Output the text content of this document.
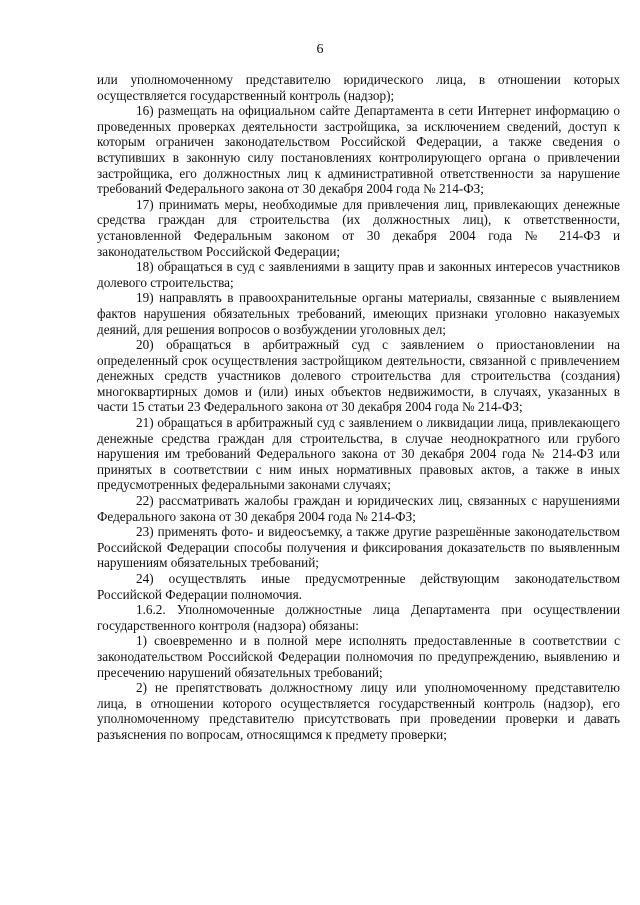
6

или уполномоченному представителю юридического лица, в отношении которых осуществляется государственный контроль (надзор);

16) размещать на официальном сайте Департамента в сети Интернет информацию о проведенных проверках деятельности застройщика, за исключением сведений, доступ к которым ограничен законодательством Российской Федерации, а также сведения о вступивших в законную силу постановлениях контролирующего органа о привлечении застройщика, его должностных лиц к административной ответственности за нарушение требований Федерального закона от 30 декабря 2004 года № 214-ФЗ;

17) принимать меры, необходимые для привлечения лиц, привлекающих денежные средства граждан для строительства (их должностных лиц), к ответственности, установленной Федеральным законом от 30 декабря 2004 года № 214-ФЗ и законодательством Российской Федерации;

18) обращаться в суд с заявлениями в защиту прав и законных интересов участников долевого строительства;

19) направлять в правоохранительные органы материалы, связанные с выявлением фактов нарушения обязательных требований, имеющих признаки уголовно наказуемых деяний, для решения вопросов о возбуждении уголовных дел;

20) обращаться в арбитражный суд с заявлением о приостановлении на определенный срок осуществления застройщиком деятельности, связанной с привлечением денежных средств участников долевого строительства для строительства (создания) многоквартирных домов и (или) иных объектов недвижимости, в случаях, указанных в части 15 статьи 23 Федерального закона от 30 декабря 2004 года № 214-ФЗ;

21) обращаться в арбитражный суд с заявлением о ликвидации лица, привлекающего денежные средства граждан для строительства, в случае неоднократного или грубого нарушения им требований Федерального закона от 30 декабря 2004 года № 214-ФЗ или принятых в соответствии с ним иных нормативных правовых актов, а также в иных предусмотренных федеральными законами случаях;

22) рассматривать жалобы граждан и юридических лиц, связанных с нарушениями Федерального закона от 30 декабря 2004 года № 214-ФЗ;

23) применять фото- и видеосъемку, а также другие разрешённые законодательством Российской Федерации способы получения и фиксирования доказательств по выявленным нарушениям обязательных требований;

24) осуществлять иные предусмотренные действующим законодательством Российской Федерации полномочия.

1.6.2. Уполномоченные должностные лица Департамента при осуществлении государственного контроля (надзора) обязаны:

1) своевременно и в полной мере исполнять предоставленные в соответствии с законодательством Российской Федерации полномочия по предупреждению, выявлению и пресечению нарушений обязательных требований;

2) не препятствовать должностному лицу или уполномоченному представителю лица, в отношении которого осуществляется государственный контроль (надзор), его уполномоченному представителю присутствовать при проведении проверки и давать разъяснения по вопросам, относящимся к предмету проверки;
